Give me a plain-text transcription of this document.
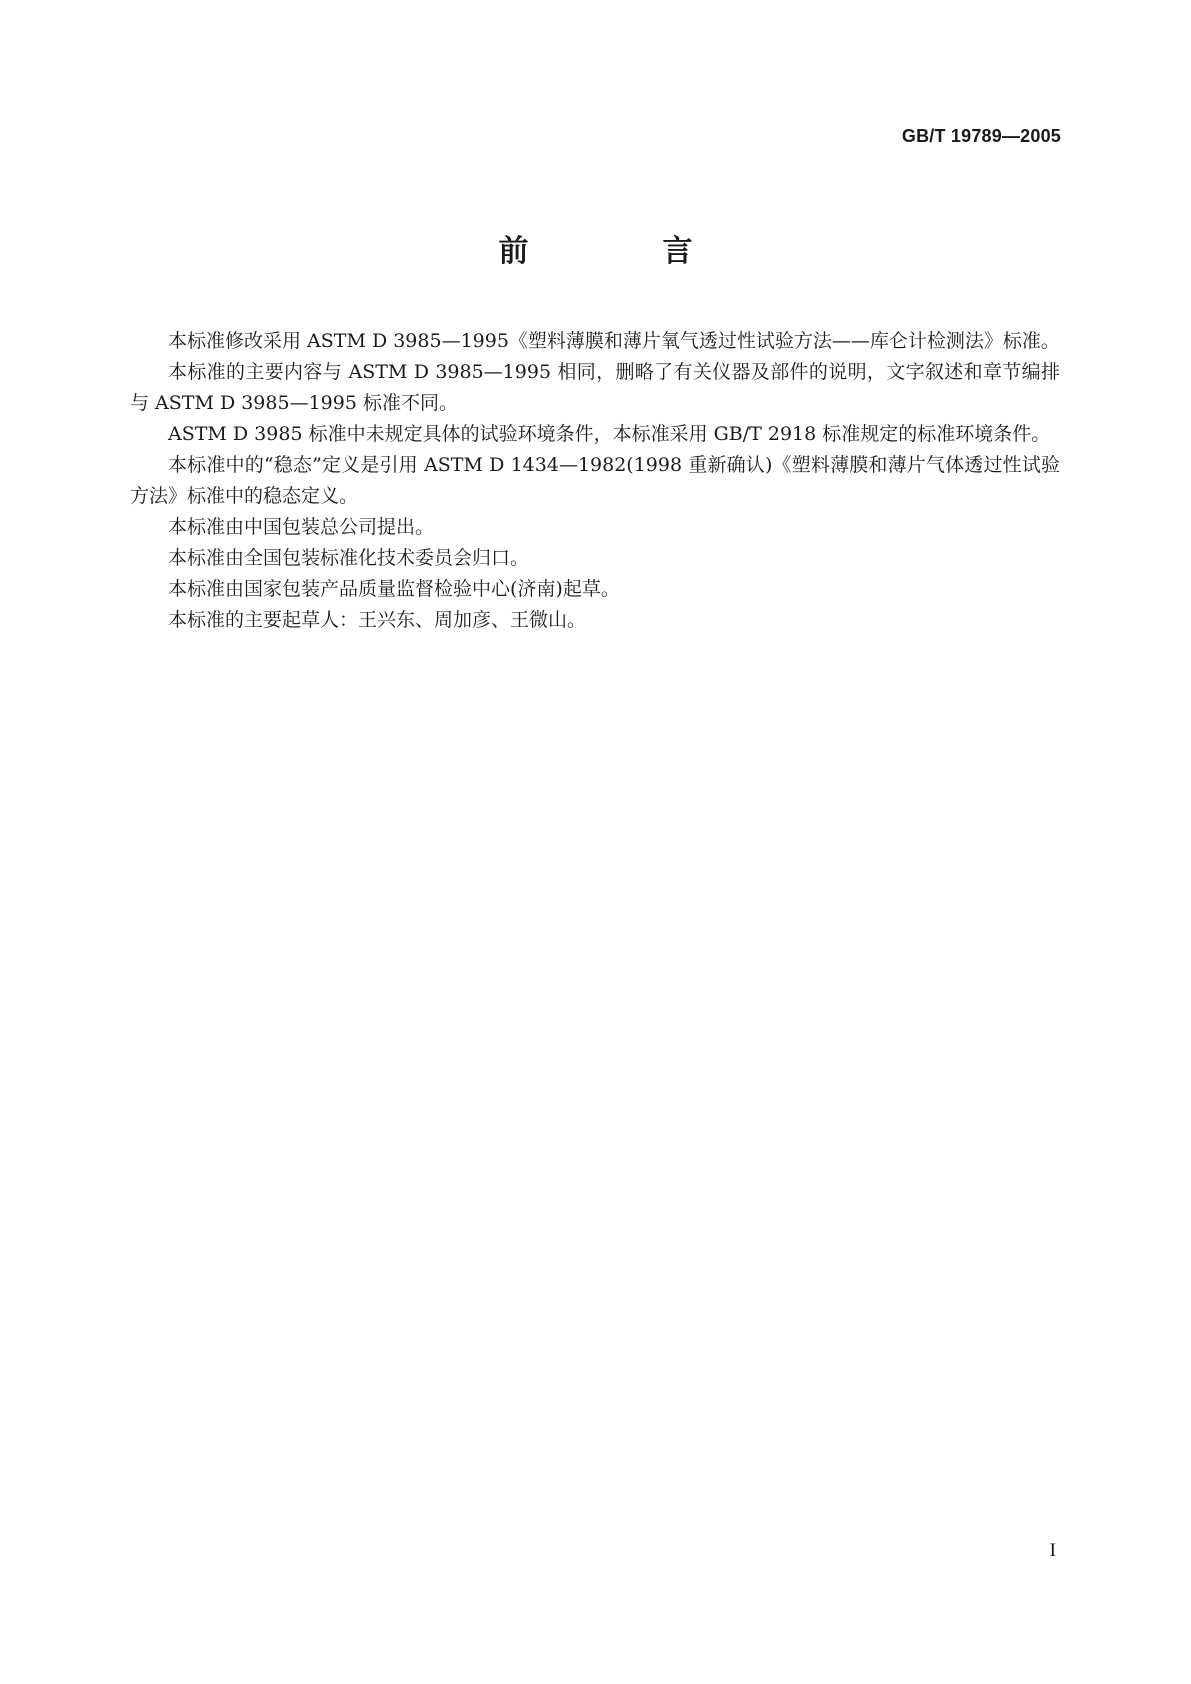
GB/T 19789—2005
前　言

本标准修改采用 ASTM D 3985—1995《塑料薄膜和薄片氧气透过性试验方法——库仑计检测法》标准。

本标准的主要内容与 ASTM D 3985—1995 相同，删略了有关仪器及部件的说明，文字叙述和章节编排与 ASTM D 3985—1995 标准不同。

ASTM D 3985 标准中未规定具体的试验环境条件，本标准采用 GB/T 2918 标准规定的标准环境条件。

本标准中的“稳态”定义是引用 ASTM D 1434—1982(1998 重新确认)《塑料薄膜和薄片气体透过性试验方法》标准中的稳态定义。

本标准由中国包装总公司提出。

本标准由全国包装标准化技术委员会归口。

本标准由国家包装产品质量监督检验中心(济南)起草。

本标准的主要起草人：王兴东、周加彦、王微山。

I
